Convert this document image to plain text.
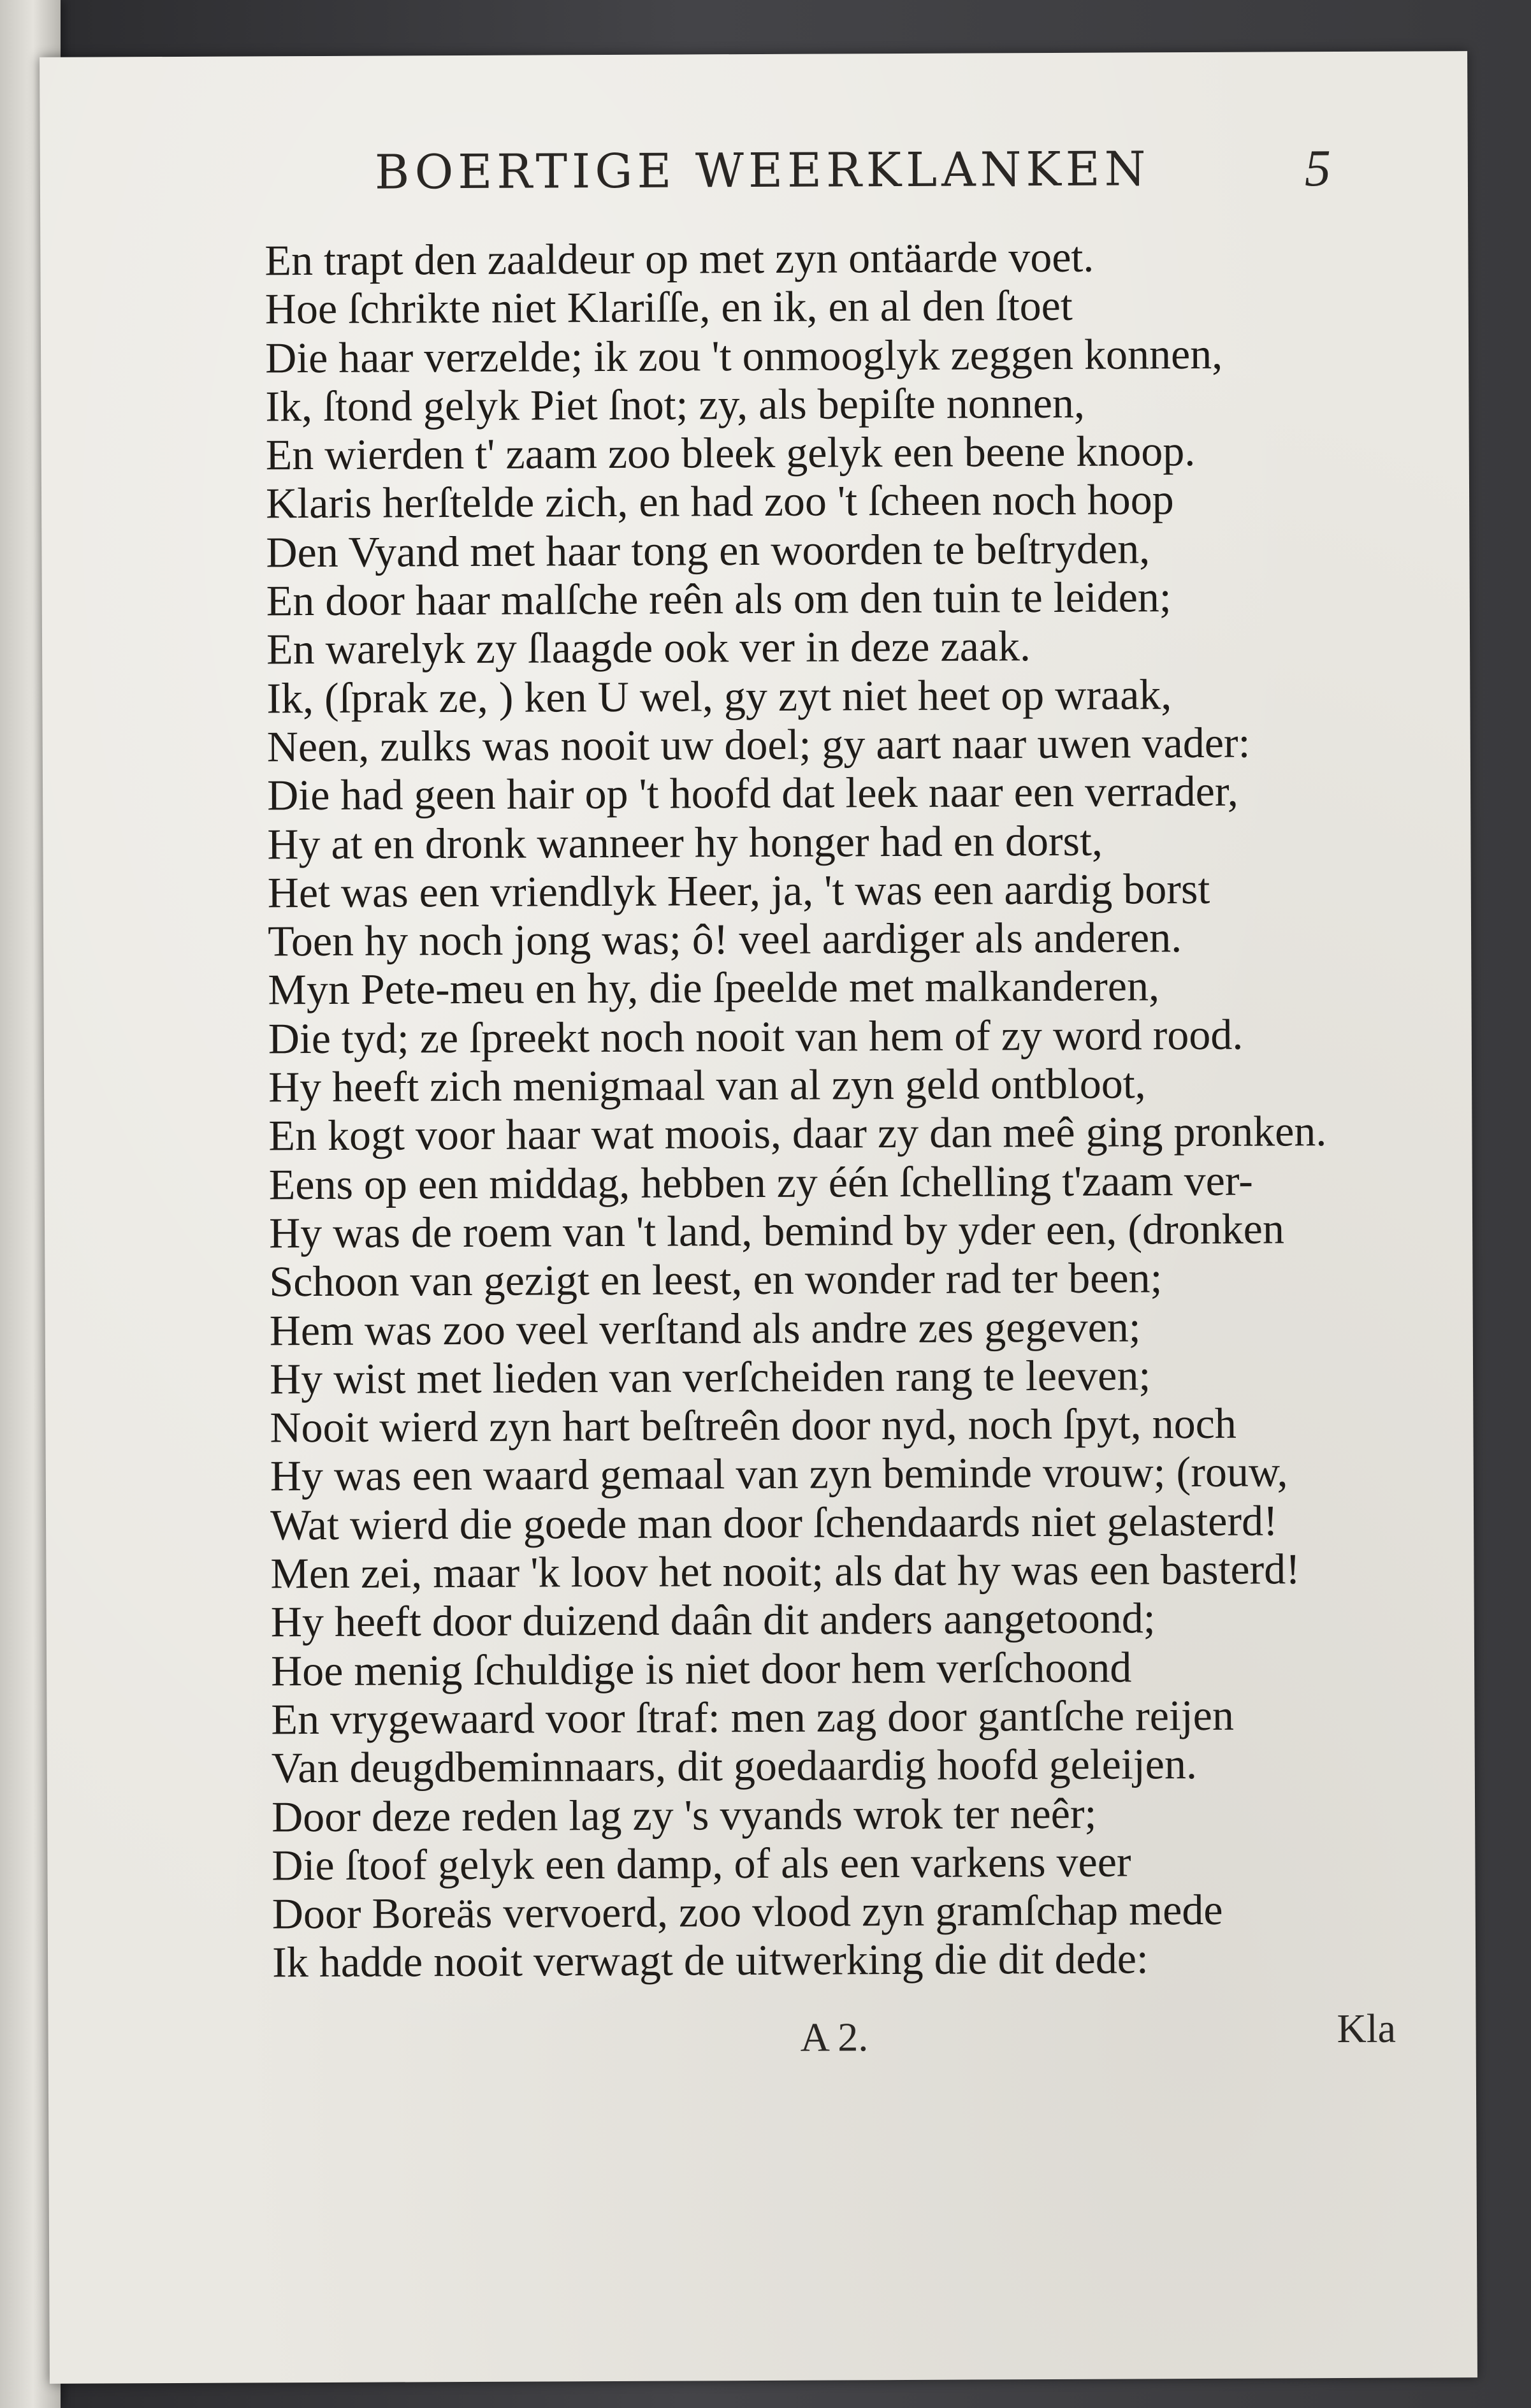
BOERTIGE WEERKLANKEN	5
En trapt den zaaldeur op met zyn ontäarde voet.
Hoe ſchrikte niet Klariſſe, en ik, en al den ſtoet
Die haar verzelde; ik zou 't onmooglyk zeggen konnen,
Ik, ſtond gelyk Piet ſnot; zy, als bepiſte nonnen,
En wierden t' zaam zoo bleek gelyk een beene knoop.
Klaris herſtelde zich, en had zoo 't ſcheen noch hoop
Den Vyand met haar tong en woorden te beſtryden,
En door haar malſche reên als om den tuin te leiden;
En warelyk zy ſlaagde ook ver in deze zaak.
Ik, (ſprak ze, ) ken U wel, gy zyt niet heet op wraak,
Neen, zulks was nooit uw doel; gy aart naar uwen vader:
Die had geen hair op 't hoofd dat leek naar een verrader,
Hy at en dronk wanneer hy honger had en dorst,
Het was een vriendlyk Heer, ja, 't was een aardig borst
Toen hy noch jong was; ô! veel aardiger als anderen.
Myn Pete-meu en hy, die ſpeelde met malkanderen,
Die tyd; ze ſpreekt noch nooit van hem of zy word rood.
Hy heeft zich menigmaal van al zyn geld ontbloot,
En kogt voor haar wat moois, daar zy dan meê ging pronken.
Eens op een middag, hebben zy één ſchelling t'zaam ver-
Hy was de roem van 't land, bemind by yder een, (dronken
Schoon van gezigt en leest, en wonder rad ter been;
Hem was zoo veel verſtand als andre zes gegeven;
Hy wist met lieden van verſcheiden rang te leeven;
Nooit wierd zyn hart beſtreên door nyd, noch ſpyt, noch
Hy was een waard gemaal van zyn beminde vrouw; (rouw,
Wat wierd die goede man door ſchendaards niet gelasterd!
Men zei, maar 'k loov het nooit; als dat hy was een basterd!
Hy heeft door duizend daân dit anders aangetoond;
Hoe menig ſchuldige is niet door hem verſchoond
En vrygewaard voor ſtraf: men zag door gantſche reijen
Van deugdbeminnaars, dit goedaardig hoofd geleijen.
Door deze reden lag zy 's vyands wrok ter neêr;
Die ſtoof gelyk een damp, of als een varkens veer
Door Boreäs vervoerd, zoo vlood zyn gramſchap mede
Ik hadde nooit verwagt de uitwerking die dit dede:
A 2.	Kla
